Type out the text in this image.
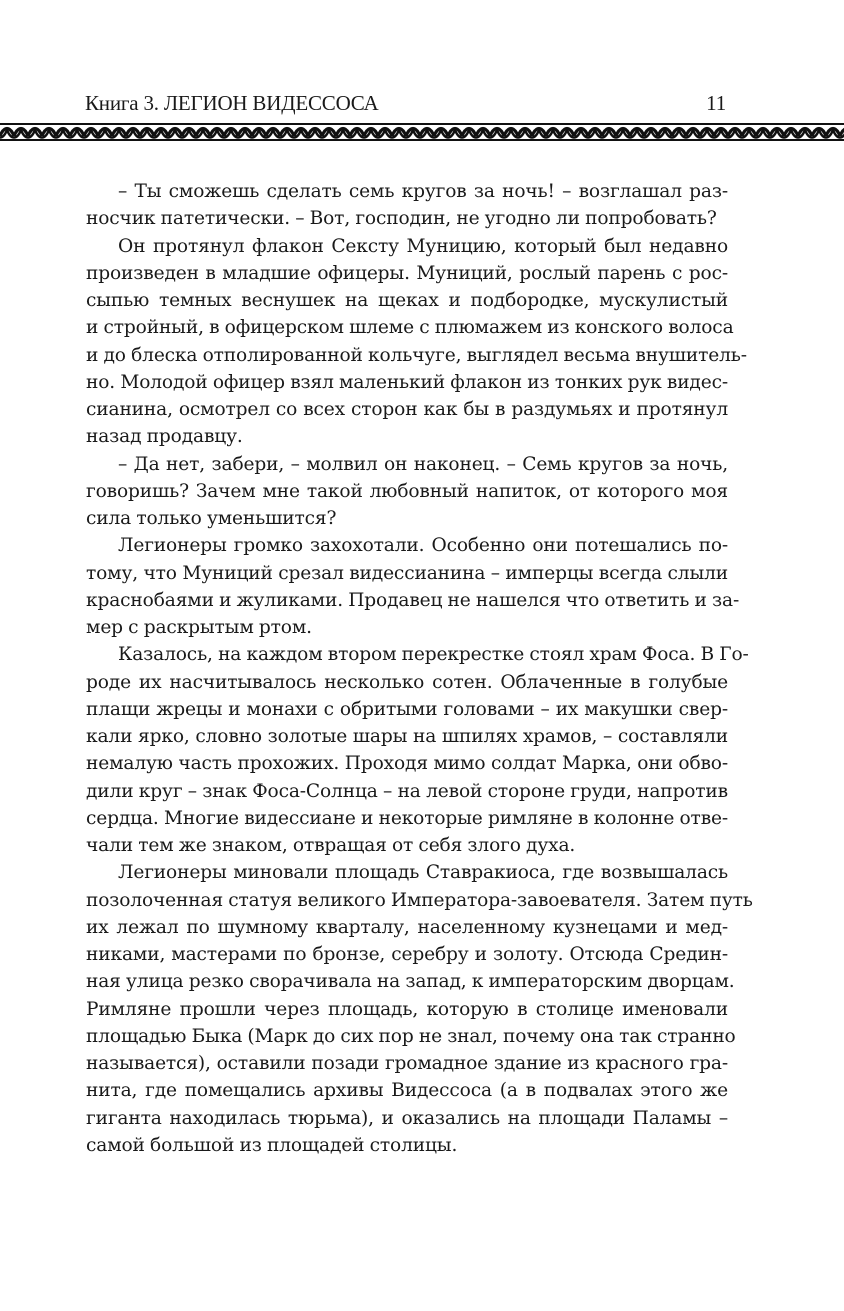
Книга 3. ЛЕГИОН ВИДЕССОСА	11
– Ты сможешь сделать семь кругов за ночь! – возглашал раз-
носчик патетически. – Вот, господин, не угодно ли попробовать?
Он протянул флакон Сексту Муницию, который был недавно
произведен в младшие офицеры. Муниций, рослый парень с рос-
сыпью темных веснушек на щеках и подбородке, мускулистый
и стройный, в офицерском шлеме с плюмажем из конского волоса
и до блеска отполированной кольчуге, выглядел весьма внушитель-
но. Молодой офицер взял маленький флакон из тонких рук видес-
сианина, осмотрел со всех сторон как бы в раздумьях и протянул
назад продавцу.
– Да нет, забери, – молвил он наконец. – Семь кругов за ночь,
говоришь? Зачем мне такой любовный напиток, от которого моя
сила только уменьшится?
Легионеры громко захохотали. Особенно они потешались по-
тому, что Муниций срезал видессианина – имперцы всегда слыли
краснобаями и жуликами. Продавец не нашелся что ответить и за-
мер с раскрытым ртом.
Казалось, на каждом втором перекрестке стоял храм Фоса. В Го-
роде их насчитывалось несколько сотен. Облаченные в голубые
плащи жрецы и монахи с обритыми головами – их макушки свер-
кали ярко, словно золотые шары на шпилях храмов, – составляли
немалую часть прохожих. Проходя мимо солдат Марка, они обво-
дили круг – знак Фоса-Солнца – на левой стороне груди, напротив
сердца. Многие видессиане и некоторые римляне в колонне отве-
чали тем же знаком, отвращая от себя злого духа.
Легионеры миновали площадь Ставракиоса, где возвышалась
позолоченная статуя великого Императора-завоевателя. Затем путь
их лежал по шумному кварталу, населенному кузнецами и мед-
никами, мастерами по бронзе, серебру и золоту. Отсюда Средин-
ная улица резко сворачивала на запад, к императорским дворцам.
Римляне прошли через площадь, которую в столице именовали
площадью Быка (Марк до сих пор не знал, почему она так странно
называется), оставили позади громадное здание из красного гра-
нита, где помещались архивы Видессоса (а в подвалах этого же
гиганта находилась тюрьма), и оказались на площади Паламы –
самой большой из площадей столицы.
